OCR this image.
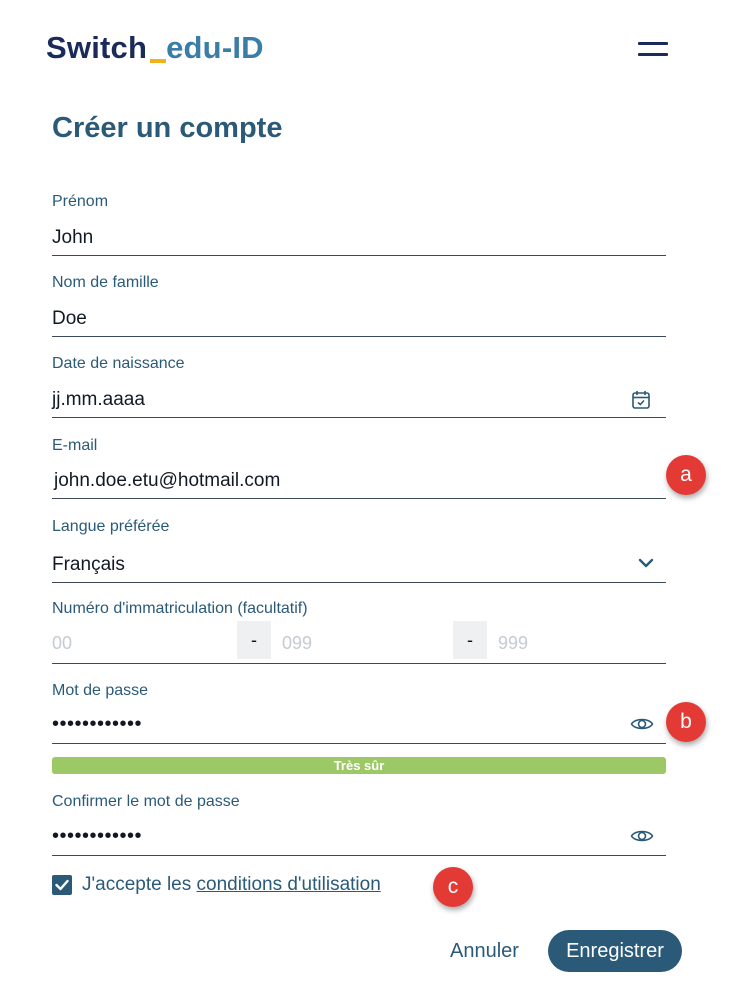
Switch edu-ID
Créer un compte
Prénom
John
Nom de famille
Doe
Date de naissance
jj.mm.aaaa
E-mail
john.doe.etu@hotmail.com	a
Langue préférée
Français
Numéro d'immatriculation (facultatif)
00	-	099	-	999
Mot de passe
••••••••••••	b
Très sûr
Confirmer le mot de passe
••••••••••••
J'accepte les conditions d'utilisation	c
Annuler	Enregistrer
